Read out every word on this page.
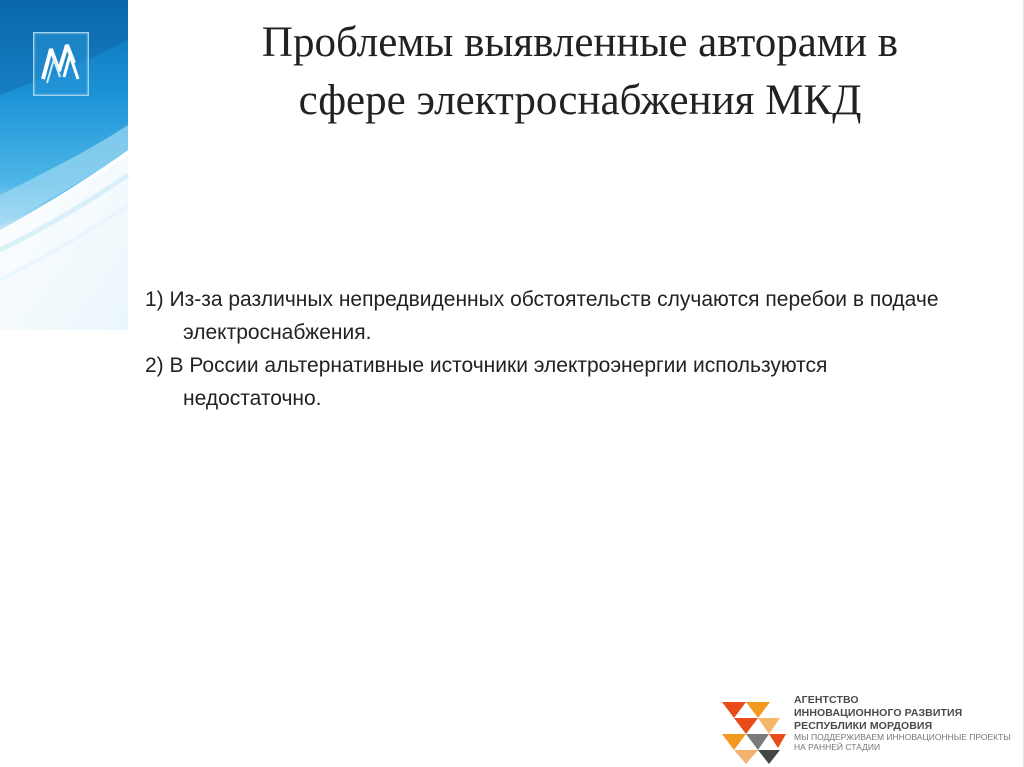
Проблемы выявленные авторами в
сфере электроснабжения МКД
1) Из-за различных непредвиденных обстоятельств случаются перебои в подаче электроснабжения.
2) В России альтернативные источники электроэнергии используются недостаточно.
АГЕНТСТВО
ИННОВАЦИОННОГО РАЗВИТИЯ
РЕСПУБЛИКИ МОРДОВИЯ
МЫ ПОДДЕРЖИВАЕМ ИННОВАЦИОННЫЕ ПРОЕКТЫ
НА РАННЕЙ СТАДИИ
